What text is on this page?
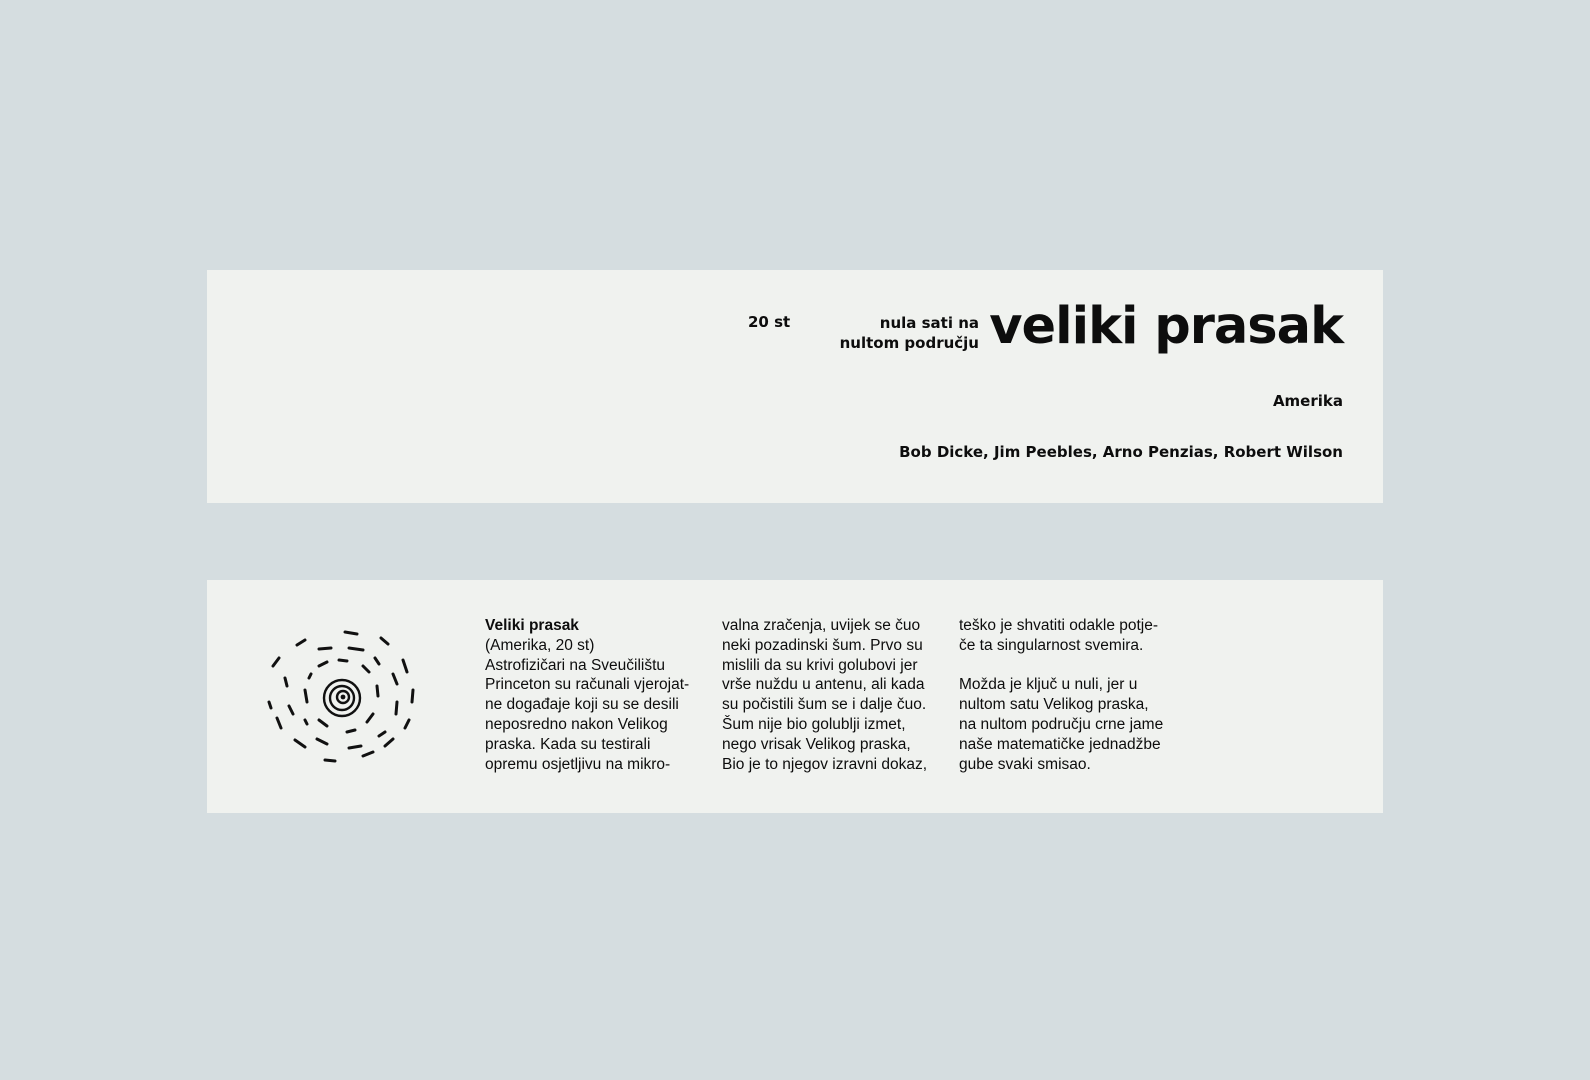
20 st	nula sati na
nultom području veliki prasak
Amerika
Bob Dicke, Jim Peebles, Arno Penzias, Robert Wilson
Veliki prasak
(Amerika, 20 st)
Astrofizičari na Sveučilištu
Princeton su računali vjerojat-
ne događaje koji su se desili
neposredno nakon Velikog
praska. Kada su testirali
opremu osjetljivu na mikro-
valna zračenja, uvijek se čuo
neki pozadinski šum. Prvo su
mislili da su krivi golubovi jer
vrše nuždu u antenu, ali kada
su počistili šum se i dalje čuo.
Šum nije bio golublji izmet,
nego vrisak Velikog praska,
Bio je to njegov izravni dokaz,
teško je shvatiti odakle potje-
če ta singularnost svemira.
Možda je ključ u nuli, jer u
nultom satu Velikog praska,
na nultom području crne jame
naše matematičke jednadžbe
gube svaki smisao.
